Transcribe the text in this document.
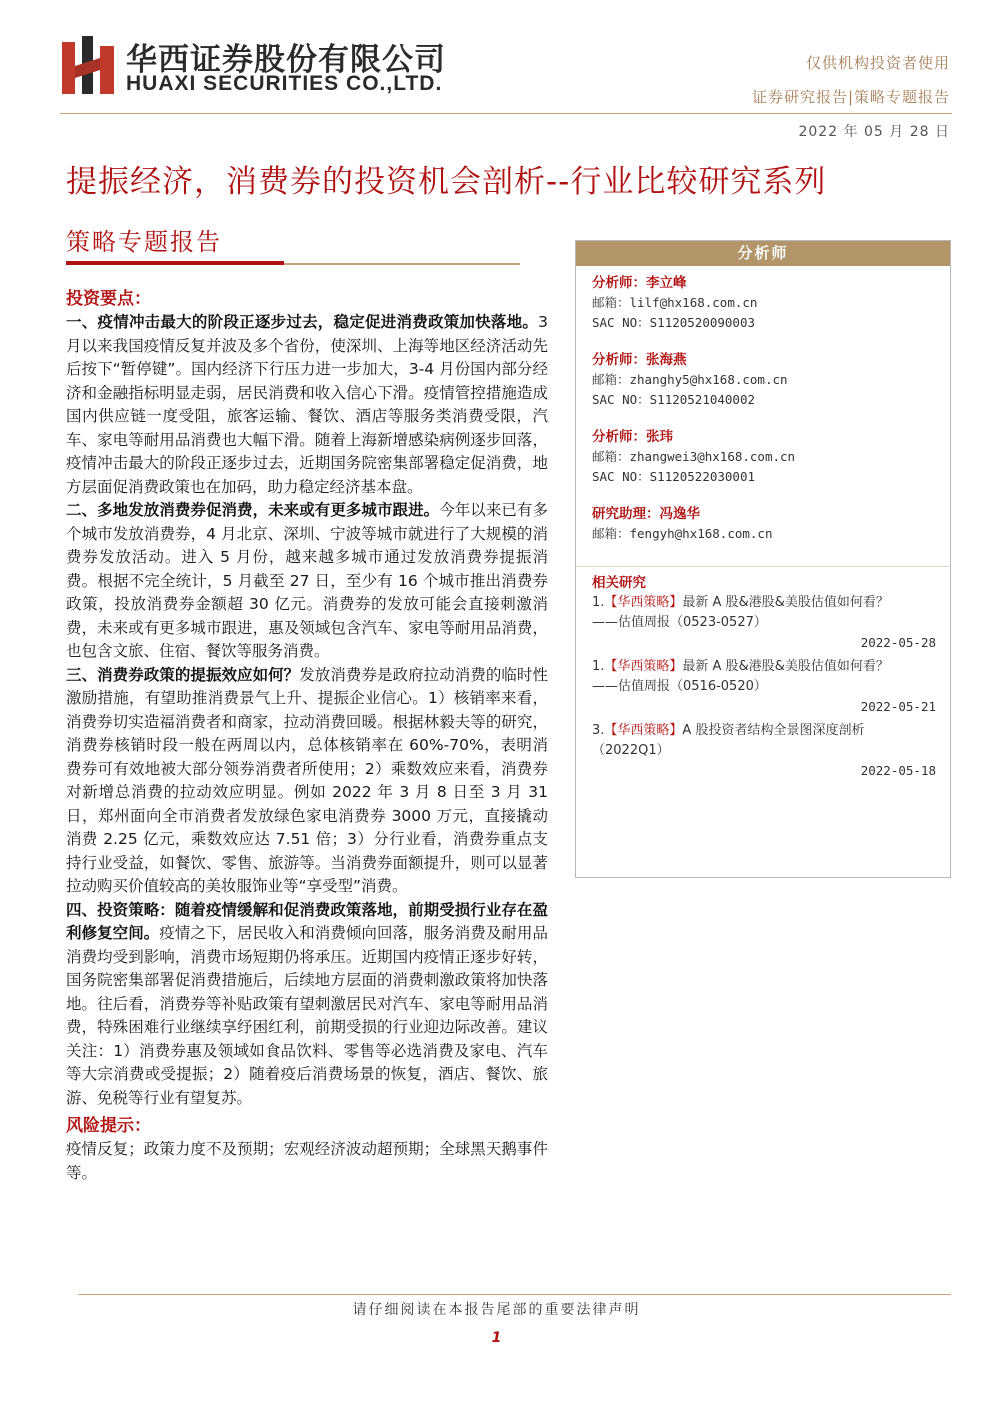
华西证券股份有限公司
HUAXI SECURITIES CO.,LTD.
仅供机构投资者使用
证券研究报告|策略专题报告
2022 年 05 月 28 日
提振经济，消费券的投资机会剖析--行业比较研究系列
策略专题报告

投资要点：

一、疫情冲击最大的阶段正逐步过去，稳定促进消费政策加快落地。3 月以来我国疫情反复并波及多个省份，使深圳、上海等地区经济活动先后按下“暂停键”。国内经济下行压力进一步加大，3-4 月份国内部分经济和金融指标明显走弱，居民消费和收入信心下滑。疫情管控措施造成国内供应链一度受阻，旅客运输、餐饮、酒店等服务类消费受限，汽车、家电等耐用品消费也大幅下滑。随着上海新增感染病例逐步回落，疫情冲击最大的阶段正逐步过去，近期国务院密集部署稳定促消费，地方层面促消费政策也在加码，助力稳定经济基本盘。

二、多地发放消费券促消费，未来或有更多城市跟进。今年以来已有多个城市发放消费券，4 月北京、深圳、宁波等城市就进行了大规模的消费券发放活动。进入 5 月份，越来越多城市通过发放消费券提振消费。根据不完全统计，5 月截至 27 日，至少有 16 个城市推出消费券政策，投放消费券金额超 30 亿元。消费券的发放可能会直接刺激消费，未来或有更多城市跟进，惠及领域包含汽车、家电等耐用品消费，也包含文旅、住宿、餐饮等服务消费。

三、消费券政策的提振效应如何？发放消费券是政府拉动消费的临时性激励措施，有望助推消费景气上升、提振企业信心。1）核销率来看，消费券切实造福消费者和商家，拉动消费回暖。根据林毅夫等的研究，消费券核销时段一般在两周以内，总体核销率在 60%-70%，表明消费券可有效地被大部分领券消费者所使用；2）乘数效应来看，消费券对新增总消费的拉动效应明显。例如 2022 年 3 月 8 日至 3 月 31 日，郑州面向全市消费者发放绿色家电消费券 3000 万元，直接撬动消费 2.25 亿元，乘数效应达 7.51 倍；3）分行业看，消费券重点支持行业受益，如餐饮、零售、旅游等。当消费券面额提升，则可以显著拉动购买价值较高的美妆服饰业等“享受型”消费。

四、投资策略：随着疫情缓解和促消费政策落地，前期受损行业存在盈利修复空间。疫情之下，居民收入和消费倾向回落，服务消费及耐用品消费均受到影响，消费市场短期仍将承压。近期国内疫情正逐步好转，国务院密集部署促消费措施后，后续地方层面的消费刺激政策将加快落地。往后看，消费券等补贴政策有望刺激居民对汽车、家电等耐用品消费，特殊困难行业继续享纾困红利，前期受损的行业迎边际改善。建议关注：1）消费券惠及领域如食品饮料、零售等必选消费及家电、汽车等大宗消费或受提振；2）随着疫后消费场景的恢复，酒店、餐饮、旅游、免税等行业有望复苏。

风险提示：

疫情反复；政策力度不及预期；宏观经济波动超预期；全球黑天鹅事件等。

分析师
分析师：李立峰
邮箱：lilf@hx168.com.cn
SAC NO：S1120520090003
分析师：张海燕
邮箱：zhanghy5@hx168.com.cn
SAC NO：S1120521040002
分析师：张玮
邮箱：zhangwei3@hx168.com.cn
SAC NO：S1120522030001
研究助理：冯逸华
邮箱：fengyh@hx168.com.cn
相关研究
1.【华西策略】最新 A 股&港股&美股估值如何看？
——估值周报（0523-0527）
2022-05-28
1.【华西策略】最新 A 股&港股&美股估值如何看？
——估值周报（0516-0520）
2022-05-21
3.【华西策略】A 股投资者结构全景图深度剖析
（2022Q1）
2022-05-18
请仔细阅读在本报告尾部的重要法律声明
1
